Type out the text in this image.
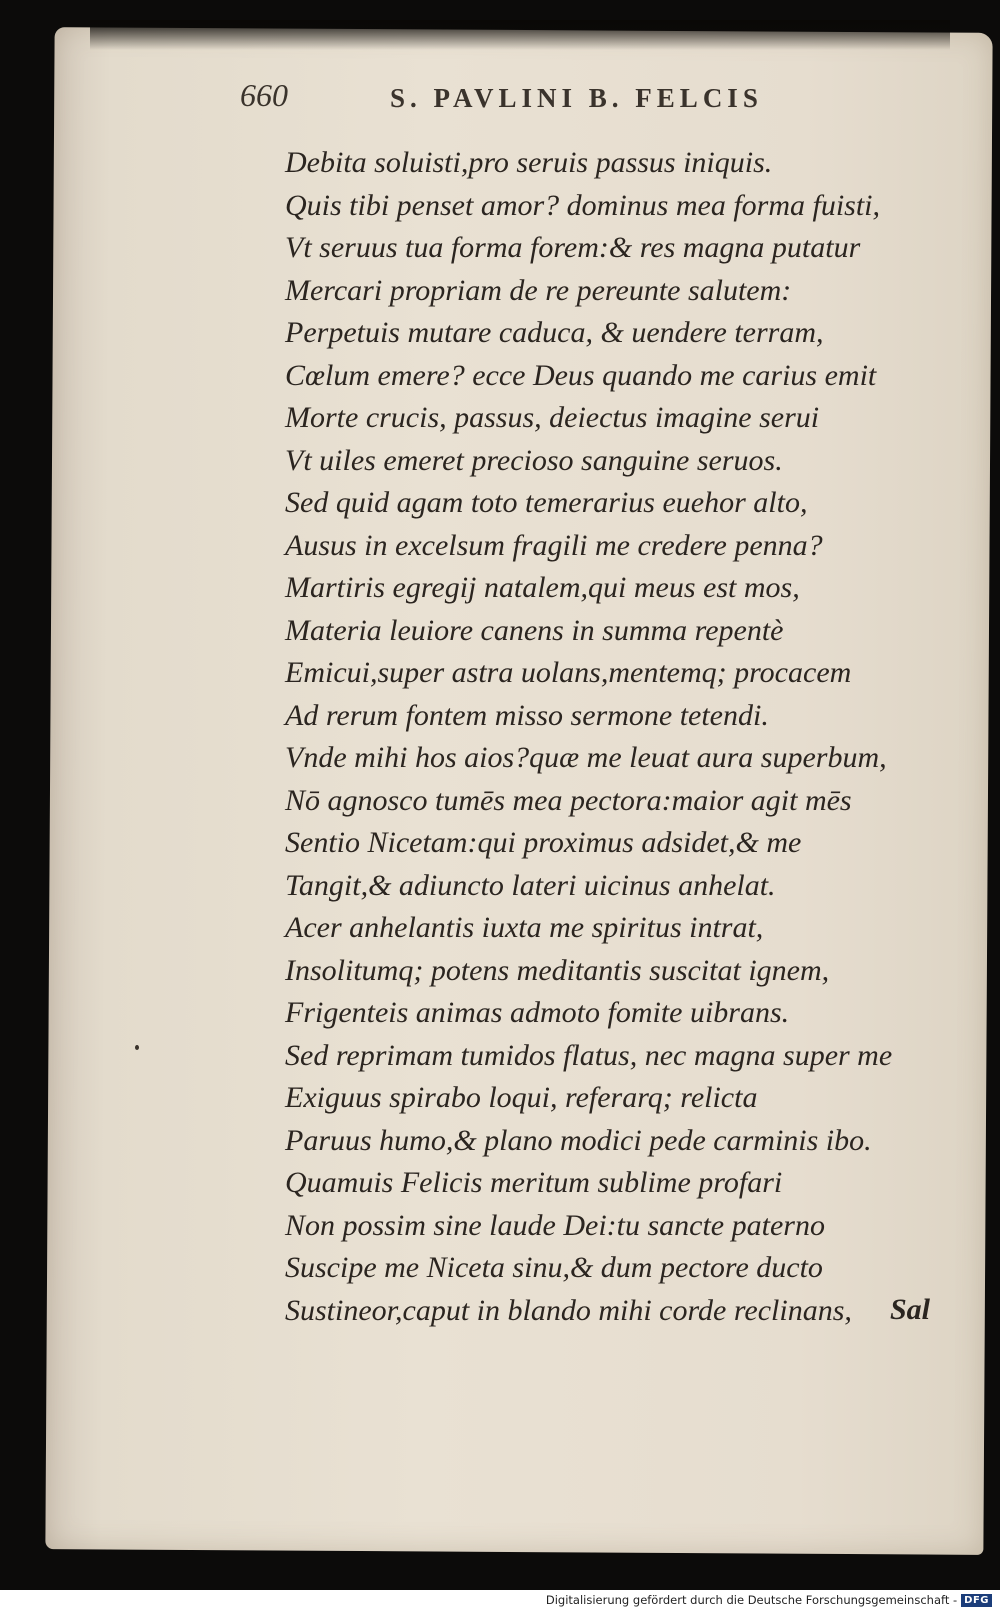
660	S. PAVLINI B. FELCIS
Debita soluisti,pro seruis passus iniquis.
Quis tibi penset amor? dominus mea forma fuisti,
Vt seruus tua forma forem:& res magna putatur
Mercari propriam de re pereunte salutem:
Perpetuis mutare caduca, & uendere terram,
Cœlum emere? ecce Deus quando me carius emit
Morte crucis, passus, deiectus imagine serui
Vt uiles emeret precioso sanguine seruos.
Sed quid agam toto temerarius euehor alto,
Ausus in excelsum fragili me credere penna?
Martiris egregij natalem,qui meus est mos,
Materia leuiore canens in summa repentè
Emicui,super astra uolans,mentemq; procacem
Ad rerum fontem misso sermone tetendi.
Vnde mihi hos aios?quæ me leuat aura superbum,
Nō agnosco tumēs mea pectora:maior agit mēs
Sentio Nicetam:qui proximus adsidet,& me
Tangit,& adiuncto lateri uicinus anhelat.
Acer anhelantis iuxta me spiritus intrat,
Insolitumq; potens meditantis suscitat ignem,
Frigenteis animas admoto fomite uibrans.
Sed reprimam tumidos flatus, nec magna super me
Exiguus spirabo loqui, referarq; relicta
Paruus humo,& plano modici pede carminis ibo.
Quamuis Felicis meritum sublime profari
Non possim sine laude Dei:tu sancte paterno
Suscipe me Niceta sinu,& dum pectore ducto
Sustineor,caput in blando mihi corde reclinans,	Sal
Digitalisierung gefördert durch die Deutsche Forschungsgemeinschaft - DFG
